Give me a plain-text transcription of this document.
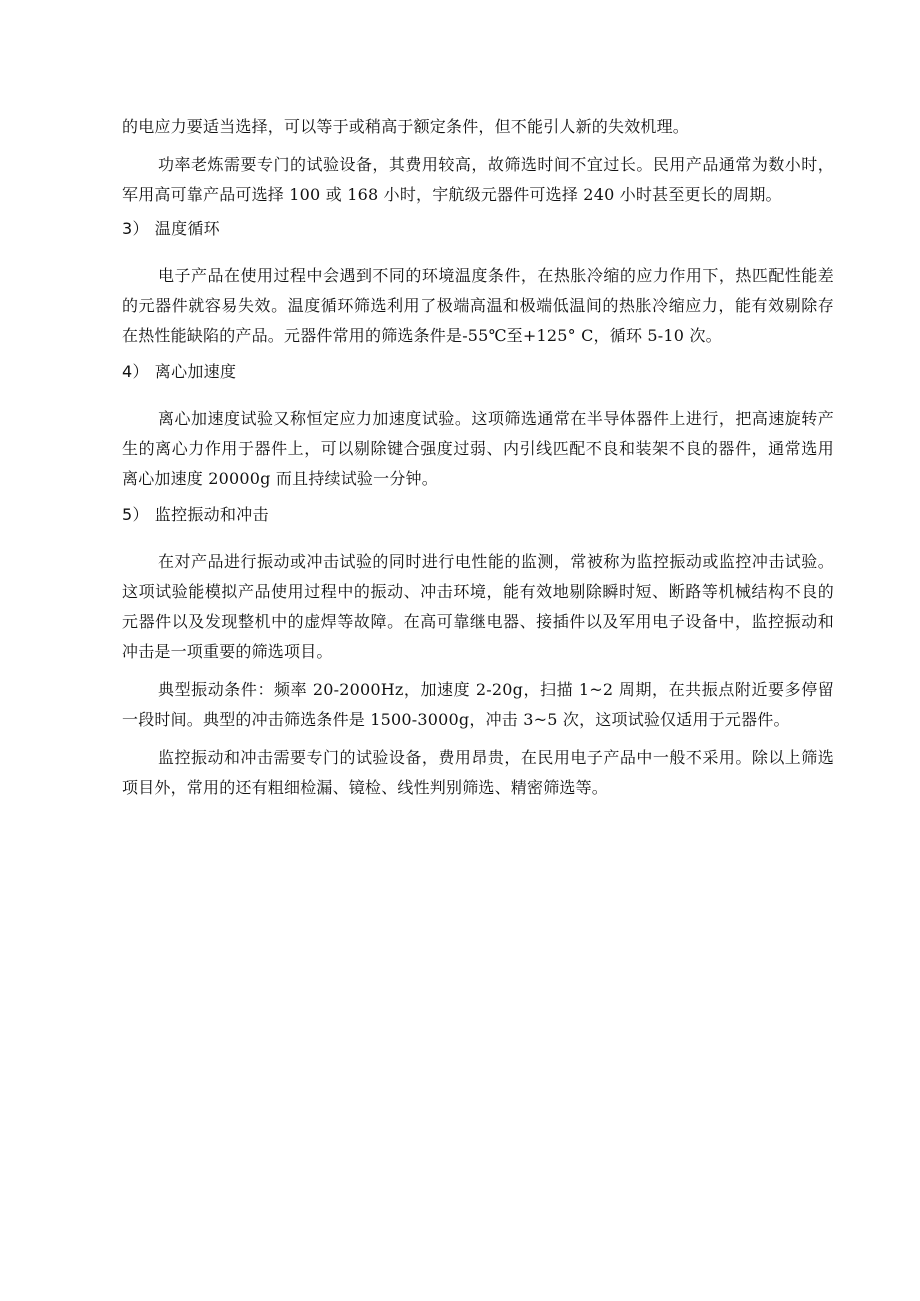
的电应力要适当选择，可以等于或稍高于额定条件，但不能引人新的失效机理。

功率老炼需要专门的试验设备，其费用较高，故筛选时间不宜过长。民用产品通常为数小时，军用高可靠产品可选择 100 或 168 小时，宇航级元器件可选择 240 小时甚至更长的周期。

3） 温度循环

电子产品在使用过程中会遇到不同的环境温度条件，在热胀冷缩的应力作用下，热匹配性能差的元器件就容易失效。温度循环筛选利用了极端高温和极端低温间的热胀冷缩应力，能有效剔除存在热性能缺陷的产品。元器件常用的筛选条件是-55℃至+125° C，循环 5-10 次。

4） 离心加速度

离心加速度试验又称恒定应力加速度试验。这项筛选通常在半导体器件上进行，把高速旋转产生的离心力作用于器件上，可以剔除键合强度过弱、内引线匹配不良和装架不良的器件，通常选用离心加速度 20000g 而且持续试验一分钟。

5） 监控振动和冲击

在对产品进行振动或冲击试验的同时进行电性能的监测，常被称为监控振动或监控冲击试验。这项试验能模拟产品使用过程中的振动、冲击环境，能有效地剔除瞬时短、断路等机械结构不良的元器件以及发现整机中的虚焊等故障。在高可靠继电器、接插件以及军用电子设备中，监控振动和冲击是一项重要的筛选项目。

典型振动条件：频率 20-2000Hz，加速度 2-20g，扫描 1~2 周期，在共振点附近要多停留一段时间。典型的冲击筛选条件是 1500-3000g，冲击 3~5 次，这项试验仅适用于元器件。

监控振动和冲击需要专门的试验设备，费用昂贵，在民用电子产品中一般不采用。除以上筛选项目外，常用的还有粗细检漏、镜检、线性判别筛选、精密筛选等。
